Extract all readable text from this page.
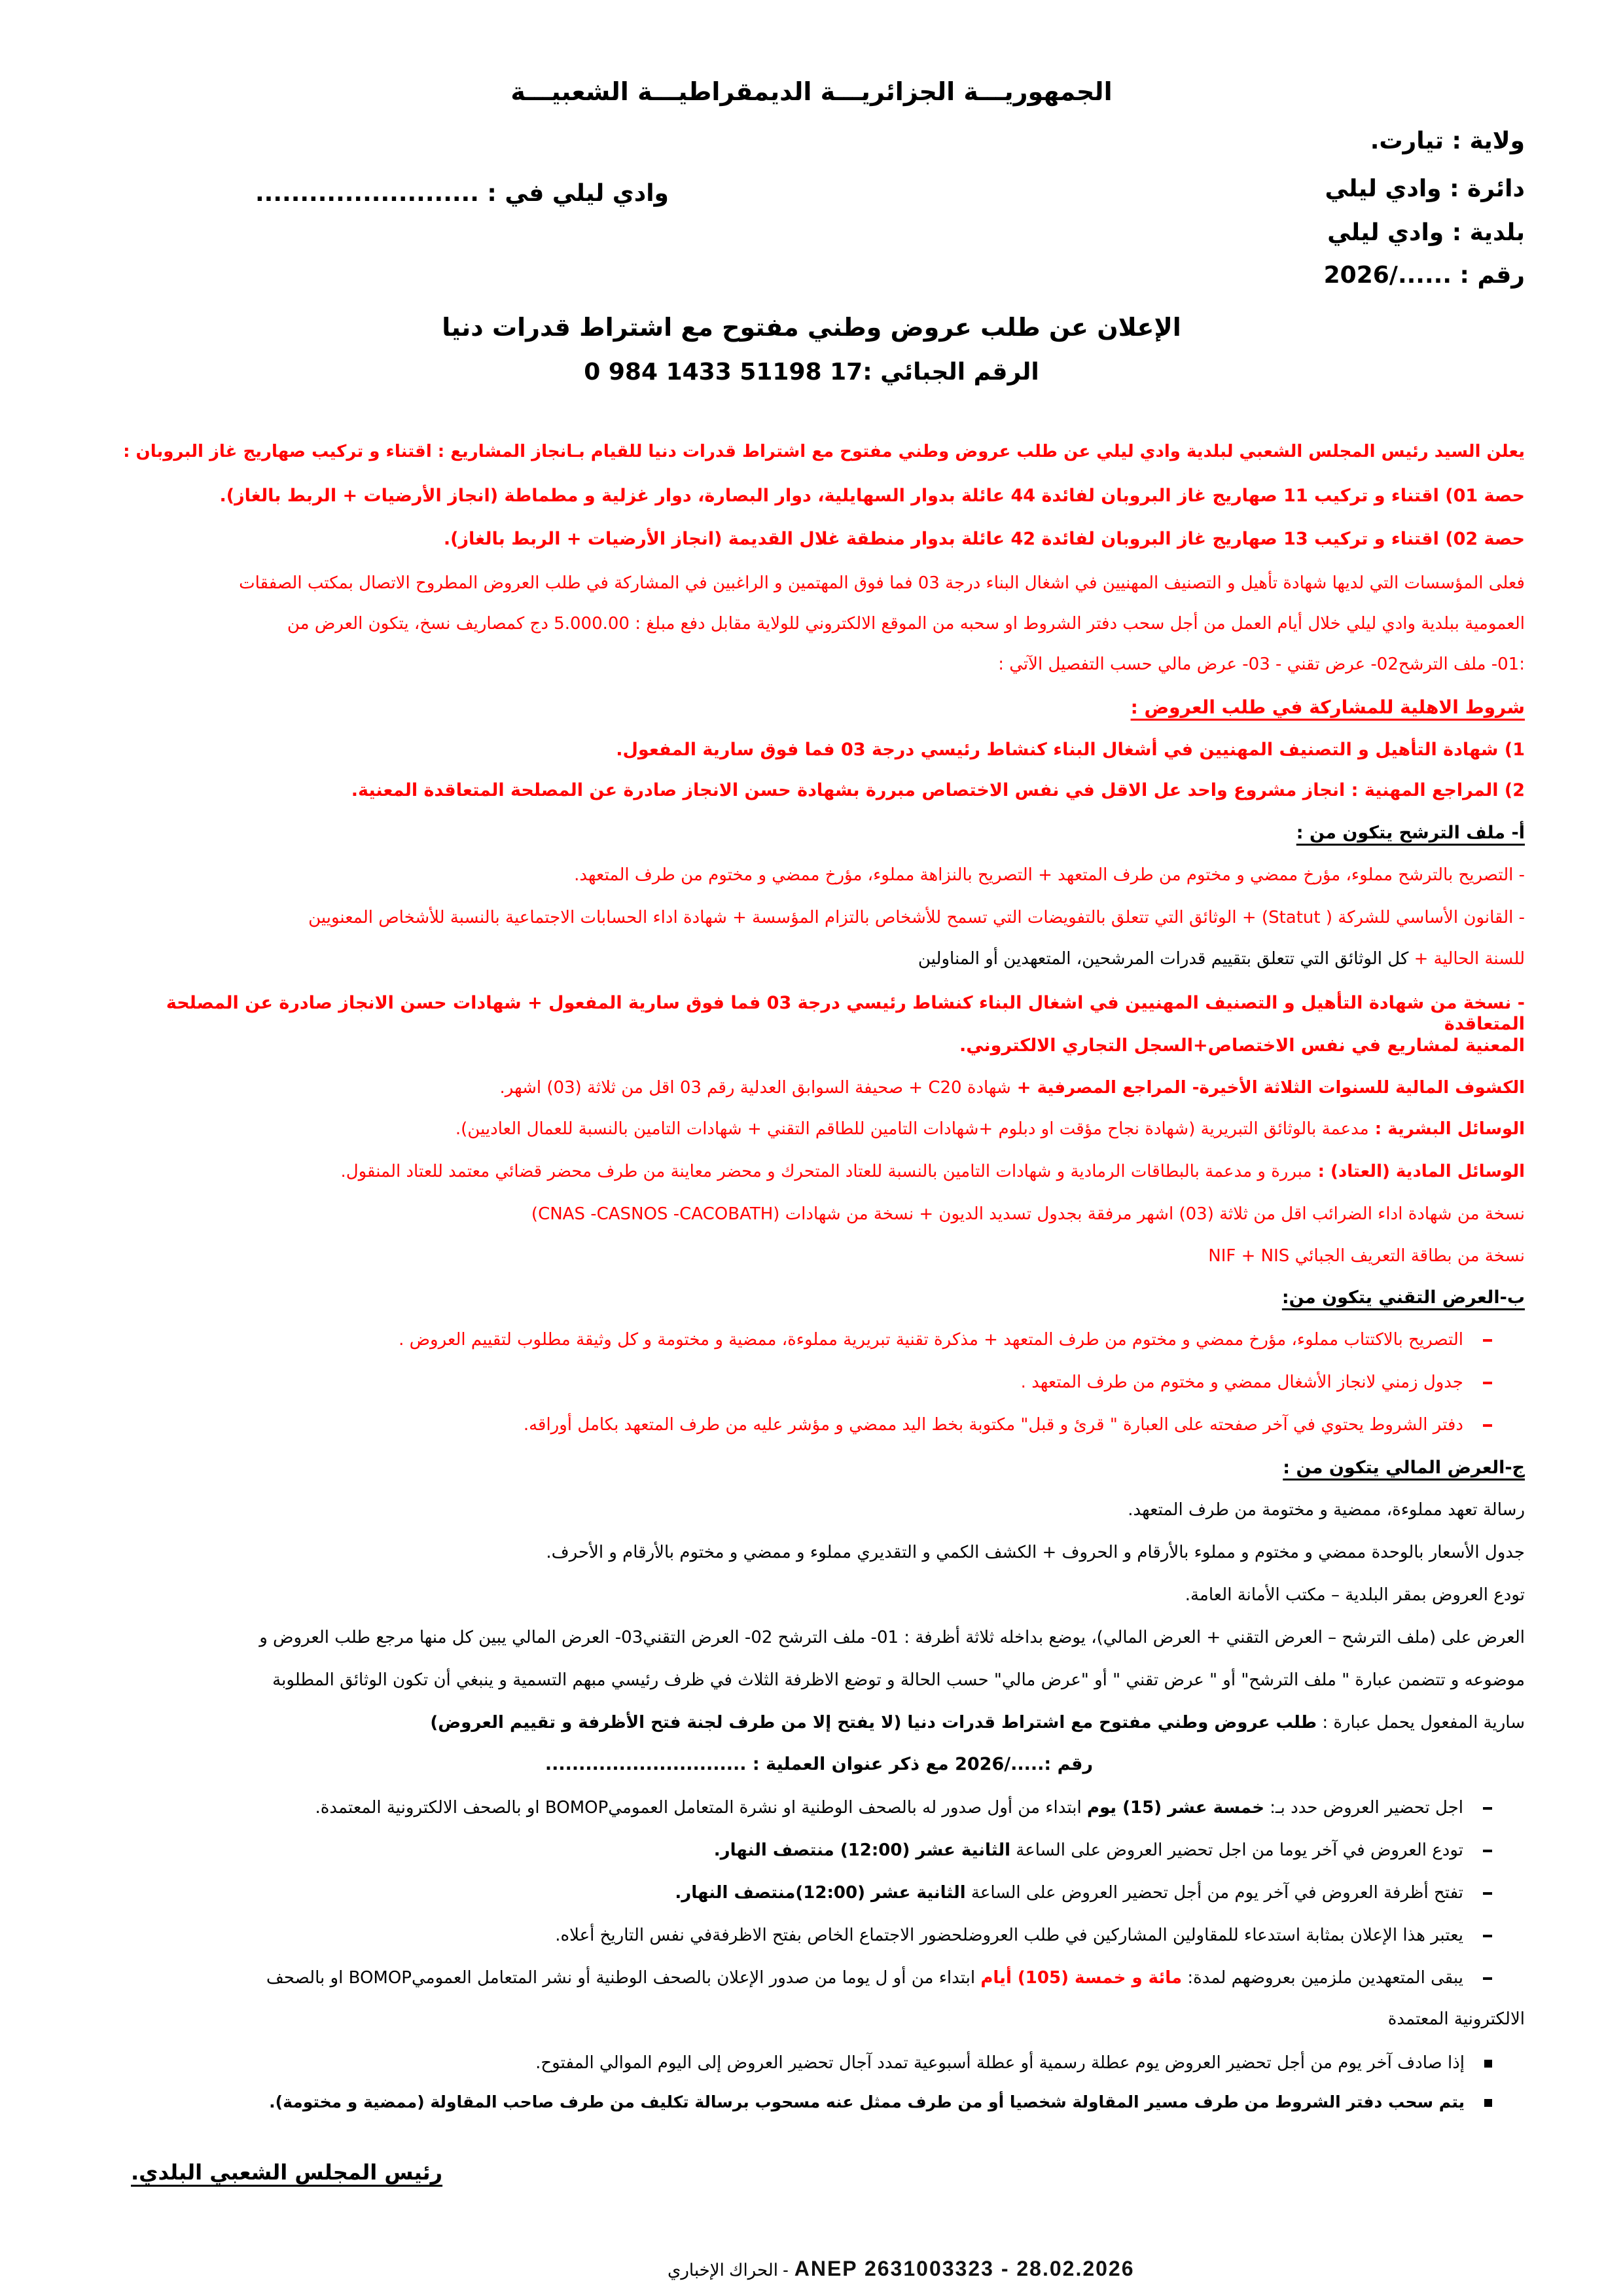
الجمهوريـــة الجزائريـــة الديمقراطيـــة الشعبيـــة
ولاية : تيارت.
دائرة : وادي ليلي
وادي ليلي في : .........................
بلدية : وادي ليلي
رقم : ....../2026
الإعلان عن طلب عروض وطني مفتوح مع اشتراط قدرات دنيا
الرقم الجبائي :17 51198 1433 984 0
يعلن السيد رئيس المجلس الشعبي لبلدية وادي ليلي عن طلب عروض وطني مفتوح مع اشتراط قدرات دنيا للقيام بـانجاز المشاريع : اقتناء و تركيب صهاريج غاز البروبان :
حصة 01) اقتناء و تركيب 11 صهاريج غاز البروبان لفائدة 44 عائلة بدوار السهايلية، دوار البصارة، دوار غزلية و مطماطة (انجاز الأرضيات + الربط بالغاز).
حصة 02) اقتناء و تركيب 13 صهاريج غاز البروبان لفائدة 42 عائلة بدوار منطقة غلال القديمة (انجاز الأرضيات + الربط بالغاز).
فعلى المؤسسات التي لديها شهادة تأهيل و التصنيف المهنيين في اشغال البناء درجة 03 فما فوق المهتمين و الراغبين في المشاركة في طلب العروض المطروح الاتصال بمكتب الصفقات
العمومية ببلدية وادي ليلي خلال أيام العمل من أجل سحب دفتر الشروط او سحبه من الموقع الالكتروني للولاية مقابل دفع مبلغ : 5.000.00 دج كمصاريف نسخ، يتكون العرض من
:01- ملف الترشح02- عرض تقني - 03- عرض مالي حسب التفصيل الآتي :
شروط الاهلية للمشاركة في طلب العروض :
1) شهادة التأهيل و التصنيف المهنيين في أشغال البناء كنشاط رئيسي درجة 03 فما فوق سارية المفعول.
2) المراجع المهنية : انجاز مشروع واحد عل الاقل في نفس الاختصاص مبررة بشهادة حسن الانجاز صادرة عن المصلحة المتعاقدة المعنية.
أ- ملف الترشح يتكون من :
- التصريح بالترشح مملوء، مؤرخ ممضي و مختوم من طرف المتعهد + التصريح بالنزاهة مملوء، مؤرخ ممضي و مختوم من طرف المتعهد.
- القانون الأساسي للشركة ( Statut) + الوثائق التي تتعلق بالتفويضات التي تسمح للأشخاص بالتزام المؤسسة + شهادة اداء الحسابات الاجتماعية بالنسبة للأشخاص المعنويين
للسنة الحالية + كل الوثائق التي تتعلق بتقييم قدرات المرشحين، المتعهدين أو المناولين
- نسخة من شهادة التأهيل و التصنيف المهنيين في اشغال البناء كنشاط رئيسي درجة 03 فما فوق سارية المفعول + شهادات حسن الانجاز صادرة عن المصلحة المتعاقدة
المعنية لمشاريع في نفس الاختصاص+السجل التجاري الالكتروني.
الكشوف المالية للسنوات الثلاثة الأخيرة- المراجع المصرفية + شهادة C20 + صحيفة السوابق العدلية رقم 03 اقل من ثلاثة (03) اشهر.
الوسائل البشرية : مدعمة بالوثائق التبريرية (شهادة نجاح مؤقت او دبلوم +شهادات التامين للطاقم التقني + شهادات التامين بالنسبة للعمال العاديين).
الوسائل المادية (العتاد) : مبررة و مدعمة بالبطاقات الرمادية و شهادات التامين بالنسبة للعتاد المتحرك و محضر معاينة من طرف محضر قضائي معتمد للعتاد المنقول.
نسخة من شهادة اداء الضرائب اقل من ثلاثة (03) اشهر مرفقة بجدول تسديد الديون + نسخة من شهادات (CNAS -CASNOS -CACOBATH)
نسخة من بطاقة التعريف الجبائي NIF + NIS
ب-العرض التقني يتكون من:
التصريح بالاكتتاب مملوء، مؤرخ ممضي و مختوم من طرف المتعهد + مذكرة تقنية تبريرية مملوءة، ممضية و مختومة و كل وثيقة مطلوب لتقييم العروض .
جدول زمني لانجاز الأشغال ممضي و مختوم من طرف المتعهد .
دفتر الشروط يحتوي في آخر صفحته على العبارة " قرئ و قبل" مكتوبة بخط اليد ممضي و مؤشر عليه من طرف المتعهد بكامل أوراقه.
ج-العرض المالي يتكون من :
رسالة تعهد مملوءة، ممضية و مختومة من طرف المتعهد.
جدول الأسعار بالوحدة ممضي و مختوم و مملوء بالأرقام و الحروف + الكشف الكمي و التقديري مملوء و ممضي و مختوم بالأرقام و الأحرف.
تودع العروض بمقر البلدية – مكتب الأمانة العامة.
العرض على (ملف الترشح – العرض التقني + العرض المالي)، يوضع بداخله ثلاثة أظرفة : 01- ملف الترشح 02- العرض التقني03- العرض المالي يبين كل منها مرجع طلب العروض و
موضوعه و تتضمن عبارة " ملف الترشح" أو " عرض تقني " أو "عرض مالي" حسب الحالة و توضع الاظرفة الثلاث في ظرف رئيسي مبهم التسمية و ينبغي أن تكون الوثائق المطلوبة
سارية المفعول يحمل عبارة : طلب عروض وطني مفتوح مع اشتراط قدرات دنيا (لا يفتح إلا من طرف لجنة فتح الأظرفة و تقييم العروض)
رقم :...../2026 مع ذكر عنوان العملية : ..............................
اجل تحضير العروض حدد بـ: خمسة عشر (15) يوم ابتداء من أول صدور له بالصحف الوطنية او نشرة المتعامل العموميBOMOP او بالصحف الالكترونية المعتمدة.
تودع العروض في آخر يوما من اجل تحضير العروض على الساعة الثانية عشر (12:00) منتصف النهار.
تفتح أظرفة العروض في آخر يوم من أجل تحضير العروض على الساعة الثانية عشر (12:00)منتصف النهار.
يعتبر هذا الإعلان بمثابة استدعاء للمقاولين المشاركين في طلب العروضلحضور الاجتماع الخاص بفتح الاظرفةفي نفس التاريخ أعلاه.
يبقى المتعهدين ملزمين بعروضهم لمدة: مائة و خمسة (105) أيام ابتداء من أو ل يوما من صدور الإعلان بالصحف الوطنية أو نشر المتعامل العموميBOMOP او بالصحف
الالكترونية المعتمدة
إذا صادف آخر يوم من أجل تحضير العروض يوم عطلة رسمية أو عطلة أسبوعية تمدد آجال تحضير العروض إلى اليوم الموالي المفتوح.
يتم سحب دفتر الشروط من طرف مسير المقاولة شخصيا أو من طرف ممثل عنه مسحوب برسالة تكليف من طرف صاحب المقاولة (ممضية و مختومة).
رئيس المجلس الشعبي البلدي.
الحراك الإخباري - ANEP 2631003323 - 28.02.2026
